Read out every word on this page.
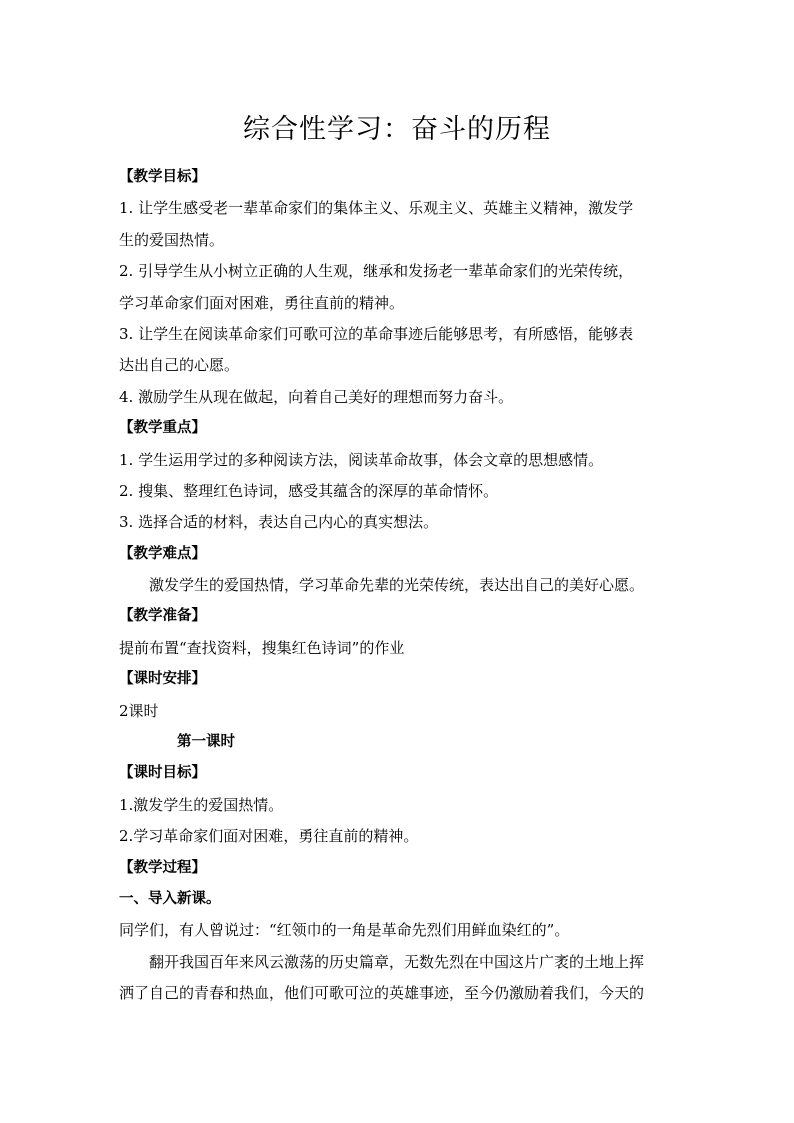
综合性学习：奋斗的历程
【教学目标】
1. 让学生感受老一辈革命家们的集体主义、乐观主义、英雄主义精神，激发学
生的爱国热情。
2. 引导学生从小树立正确的人生观，继承和发扬老一辈革命家们的光荣传统，
学习革命家们面对困难，勇往直前的精神。
3. 让学生在阅读革命家们可歌可泣的革命事迹后能够思考，有所感悟，能够表
达出自己的心愿。
4. 激励学生从现在做起，向着自己美好的理想而努力奋斗。
【教学重点】
1. 学生运用学过的多种阅读方法，阅读革命故事，体会文章的思想感情。
2. 搜集、整理红色诗词，感受其蕴含的深厚的革命情怀。
3. 选择合适的材料，表达自己内心的真实想法。
【教学难点】
激发学生的爱国热情，学习革命先辈的光荣传统，表达出自己的美好心愿。
【教学准备】
提前布置“查找资料，搜集红色诗词”的作业
【课时安排】
2课时
第一课时
【课时目标】
1.激发学生的爱国热情。
2.学习革命家们面对困难，勇往直前的精神。
【教学过程】
一、导入新课。
同学们，有人曾说过：“红领巾的一角是革命先烈们用鲜血染红的”。
翻开我国百年来风云激荡的历史篇章，无数先烈在中国这片广袤的土地上挥
洒了自己的青春和热血，他们可歌可泣的英雄事迹，至今仍激励着我们，今天的
